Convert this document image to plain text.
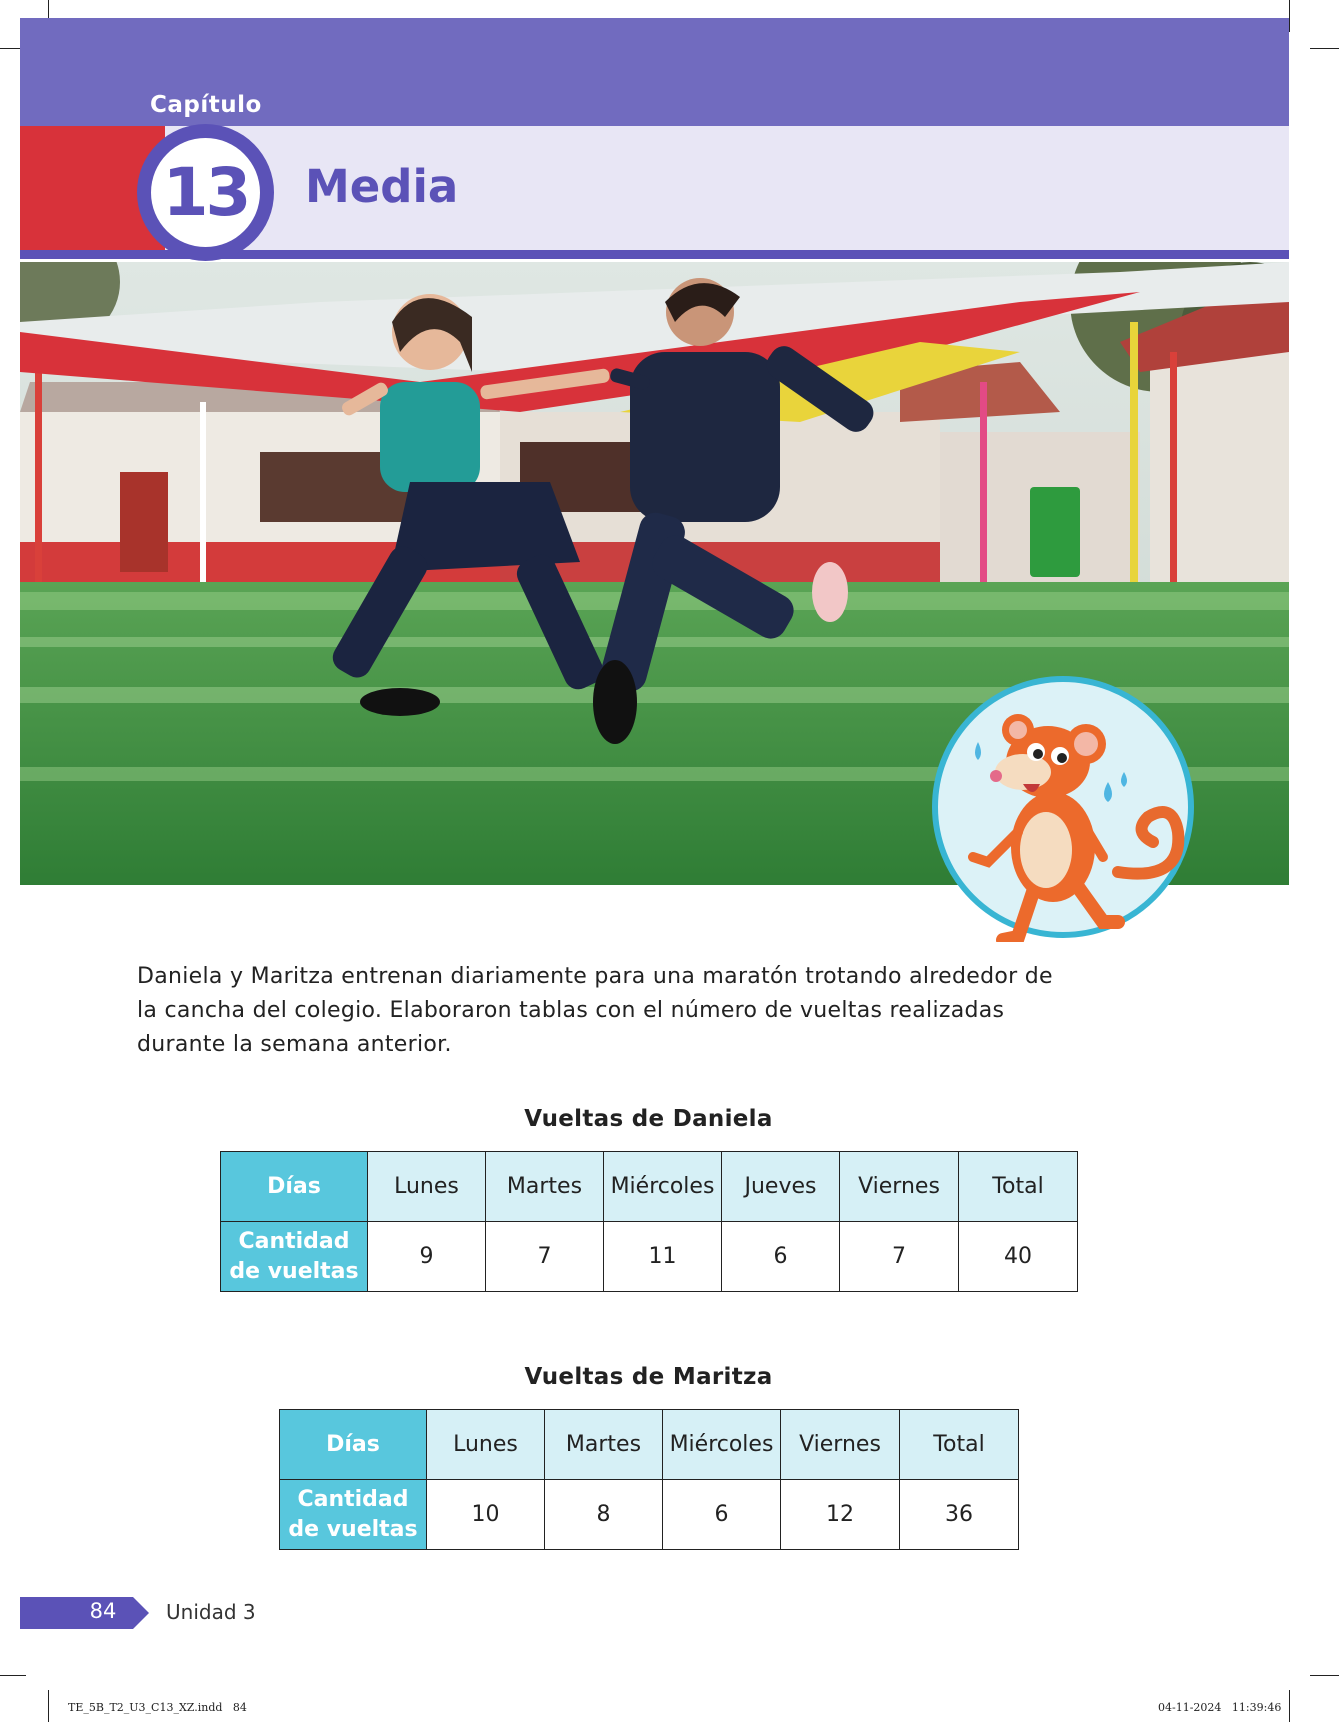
Capítulo
13 Media
Daniela y Maritza entrenan diariamente para una maratón trotando alrededor de la cancha del colegio. Elaboraron tablas con el número de vueltas realizadas durante la semana anterior.
Vueltas de Daniela
Días	Lunes	Martes	Miércoles	Jueves	Viernes	Total
Cantidad de vueltas	9	7	11	6	7	40
Vueltas de Maritza
Días	Lunes	Martes	Miércoles	Viernes	Total
Cantidad de vueltas	10	8	6	12	36
84	Unidad 3
TE_5B_T2_U3_C13_XZ.indd   84	04-11-2024   11:39:46
